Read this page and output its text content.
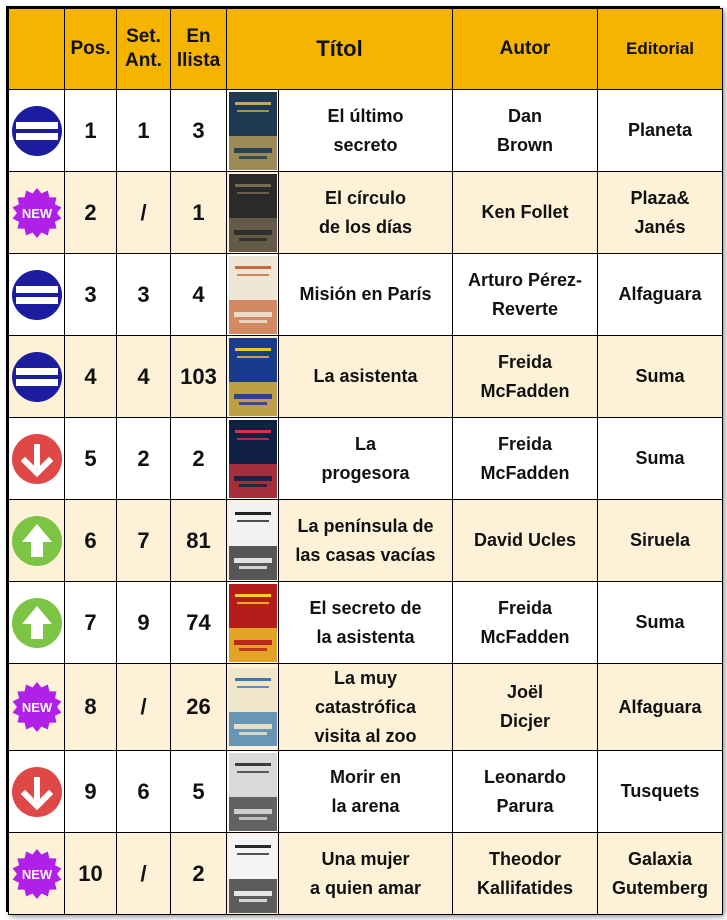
	Pos.	Set.
Ant.	En
llista	Títol		Autor	Editorial

	1	1	3		El último
secreto	Dan
Brown	Planeta

NEW	2	/	1		El círculo
de los días	Ken Follet	Plaza&
Janés

	3	3	4		Misión en París	Arturo Pérez-
Reverte	Alfaguara

	4	4	103		La asistenta	Freida
McFadden	Suma

	5	2	2		La
progesora	Freida
McFadden	Suma

	6	7	81		La península de
las casas vacías	David Ucles	Siruela

	7	9	74		El secreto de
la asistenta	Freida
McFadden	Suma

NEW	8	/	26		La muy catastrófica
visita al zoo	Joël
Dicjer	Alfaguara

	9	6	5		Morir en
la arena	Leonardo
Parura	Tusquets

NEW	10	/	2		Una mujer
a quien amar	Theodor
Kallifatides	Galaxia
Gutemberg
